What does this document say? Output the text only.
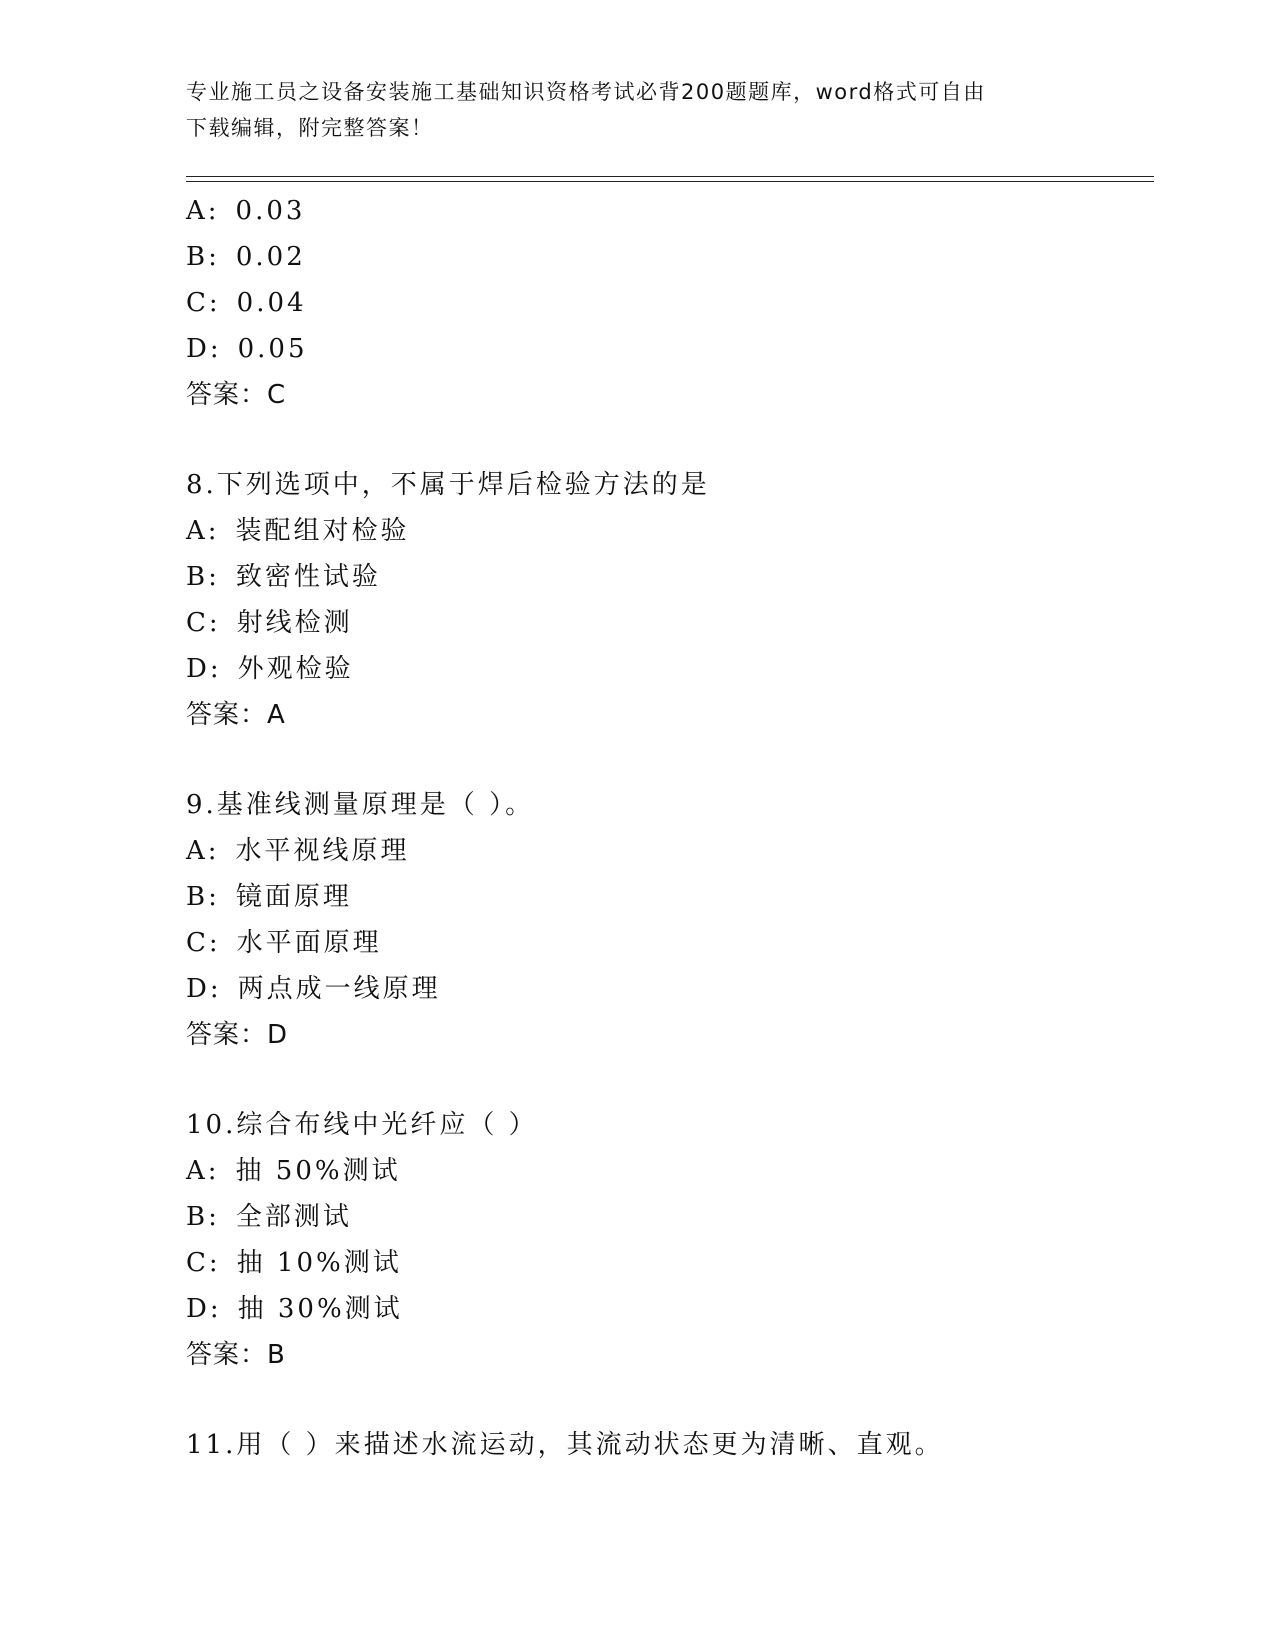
专业施工员之设备安装施工基础知识资格考试必背200题题库，word格式可自由
下载编辑，附完整答案！
A: 0.03
B: 0.02
C: 0.04
D: 0.05
答案：C
8.下列选项中，不属于焊后检验方法的是
A: 装配组对检验
B: 致密性试验
C: 射线检测
D: 外观检验
答案：A
9.基准线测量原理是（ ）。
A: 水平视线原理
B: 镜面原理
C: 水平面原理
D: 两点成一线原理
答案：D
10.综合布线中光纤应（ ）
A: 抽 50%测试
B: 全部测试
C: 抽 10%测试
D: 抽 30%测试
答案：B
11.用（ ）来描述水流运动，其流动状态更为清晰、直观。
